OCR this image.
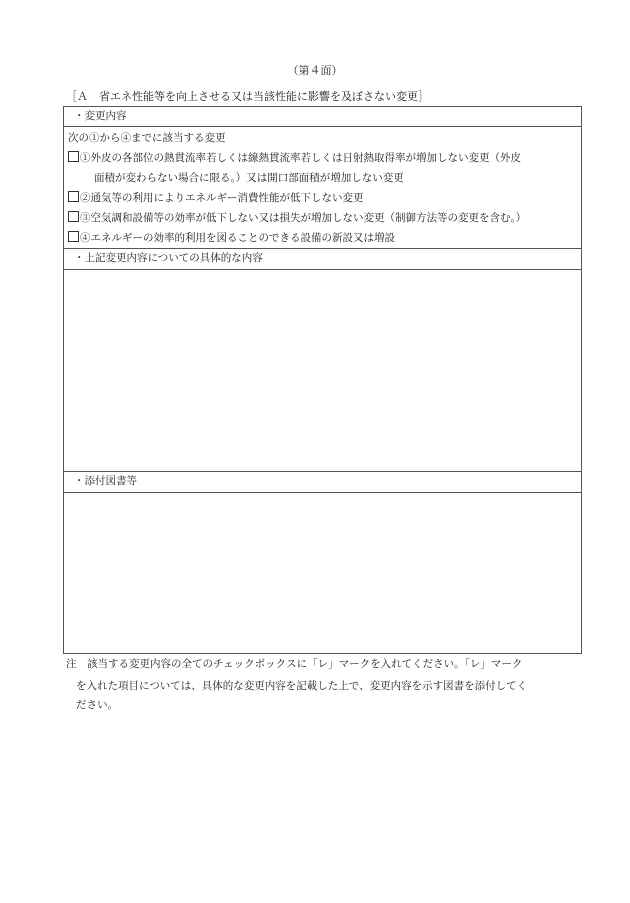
（第４面）
［Ａ　省エネ性能等を向上させる又は当該性能に影響を及ぼさない変更］
・変更内容
次の①から④までに該当する変更
①外皮の各部位の熱貫流率若しくは線熱貫流率若しくは日射熱取得率が増加しない変更（外皮
面積が変わらない場合に限る。）又は開口部面積が増加しない変更
②通気等の利用によりエネルギー消費性能が低下しない変更
③空気調和設備等の効率が低下しない又は損失が増加しない変更（制御方法等の変更を含む。）
④エネルギーの効率的利用を図ることのできる設備の新設又は増設
・上記変更内容についての具体的な内容
・添付図書等
注　該当する変更内容の全てのチェックボックスに「レ」マークを入れてください。「レ」マーク
を入れた項目については、具体的な変更内容を記載した上で、変更内容を示す図書を添付してく
ださい。
